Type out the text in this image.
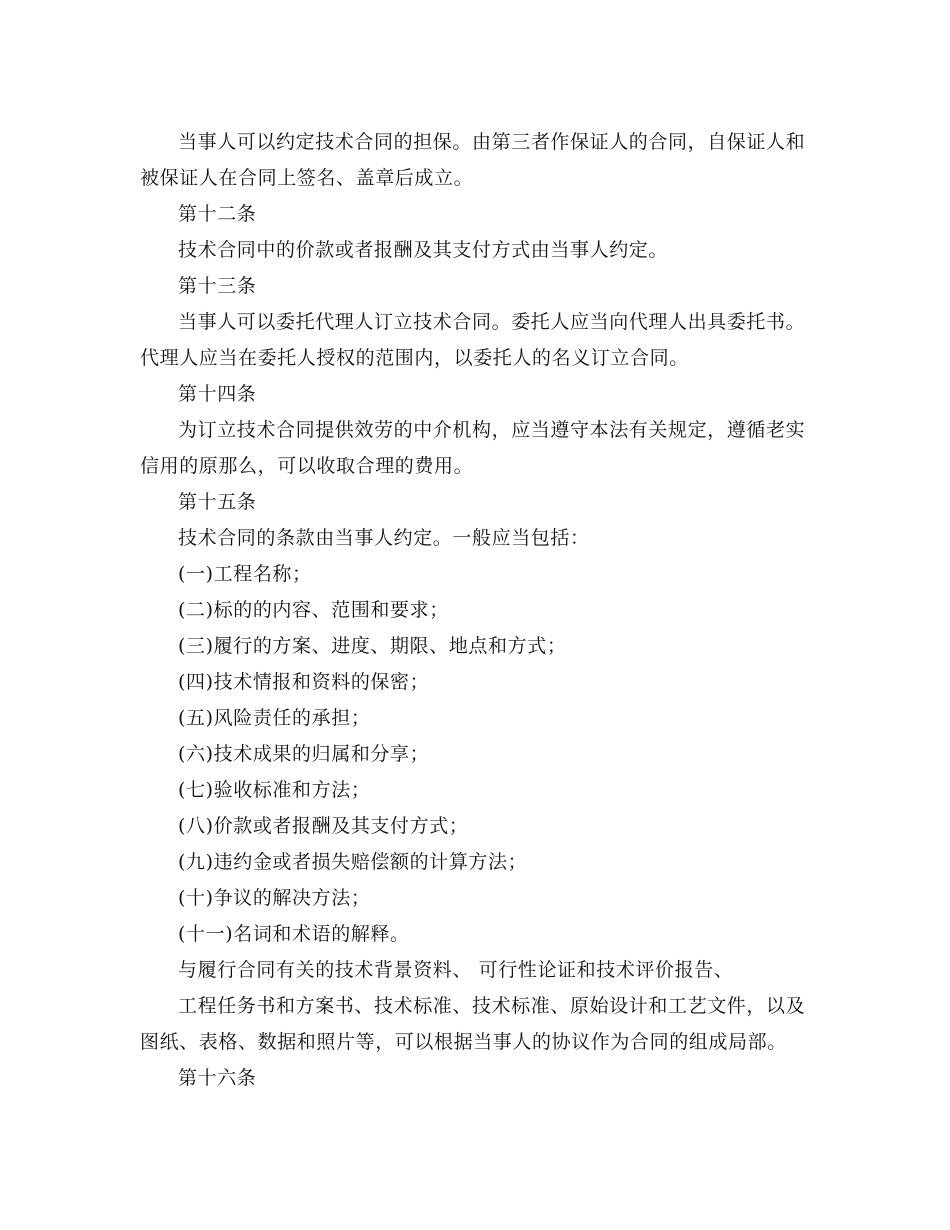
当事人可以约定技术合同的担保。由第三者作保证人的合同，自保证人和被保证人在合同上签名、盖章后成立。

第十二条

技术合同中的价款或者报酬及其支付方式由当事人约定。

第十三条

当事人可以委托代理人订立技术合同。委托人应当向代理人出具委托书。代理人应当在委托人授权的范围内，以委托人的名义订立合同。

第十四条

为订立技术合同提供效劳的中介机构，应当遵守本法有关规定，遵循老实信用的原那么，可以收取合理的费用。

第十五条

技术合同的条款由当事人约定。一般应当包括：

(一)工程名称；

(二)标的的内容、范围和要求；

(三)履行的方案、进度、期限、地点和方式；

(四)技术情报和资料的保密；

(五)风险责任的承担；

(六)技术成果的归属和分享；

(七)验收标准和方法；

(八)价款或者报酬及其支付方式；

(九)违约金或者损失赔偿额的计算方法；

(十)争议的解决方法；

(十一)名词和术语的解释。

与履行合同有关的技术背景资料、 可行性论证和技术评价报告、

工程任务书和方案书、技术标准、技术标准、原始设计和工艺文件，以及图纸、表格、数据和照片等，可以根据当事人的协议作为合同的组成局部。

第十六条
